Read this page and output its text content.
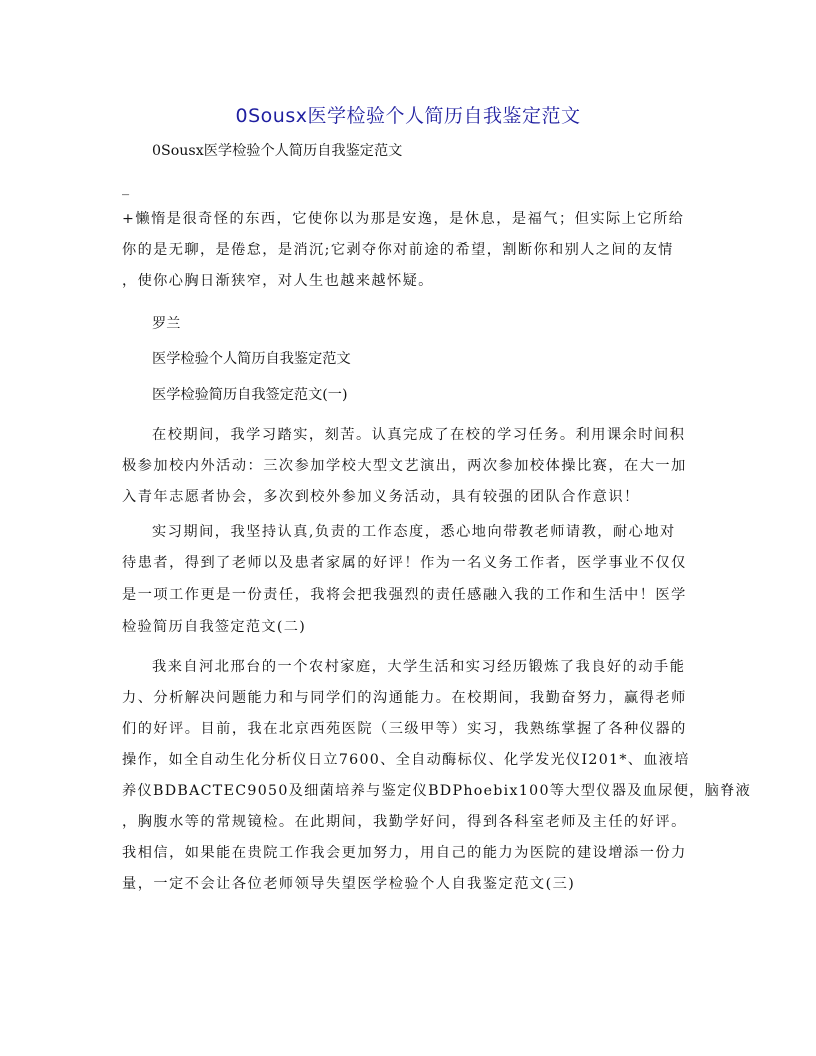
0Sousx医学检验个人简历自我鉴定范文
0Sousx医学检验个人简历自我鉴定范文
_
+懒惰是很奇怪的东西，它使你以为那是安逸，是休息，是福气；但实际上它所给
你的是无聊，是倦怠，是消沉;它剥夺你对前途的希望，割断你和别人之间的友情
，使你心胸日渐狭窄，对人生也越来越怀疑。
罗兰
医学检验个人简历自我鉴定范文
医学检验简历自我签定范文(一)
在校期间，我学习踏实，刻苦。认真完成了在校的学习任务。利用课余时间积
极参加校内外活动：三次参加学校大型文艺演出，两次参加校体操比赛，在大一加
入青年志愿者协会，多次到校外参加义务活动，具有较强的团队合作意识！
实习期间，我坚持认真,负责的工作态度，悉心地向带教老师请教，耐心地对
待患者，得到了老师以及患者家属的好评！作为一名义务工作者，医学事业不仅仅
是一项工作更是一份责任，我将会把我强烈的责任感融入我的工作和生活中！医学
检验简历自我签定范文(二)
我来自河北邢台的一个农村家庭，大学生活和实习经历锻炼了我良好的动手能
力、分析解决问题能力和与同学们的沟通能力。在校期间，我勤奋努力，赢得老师
们的好评。目前，我在北京西苑医院（三级甲等）实习，我熟练掌握了各种仪器的
操作，如全自动生化分析仪日立7600、全自动酶标仪、化学发光仪I201*、血液培
养仪BDBACTEC9050及细菌培养与鉴定仪BDPhoebix100等大型仪器及血尿便，脑脊液
，胸腹水等的常规镜检。在此期间，我勤学好问，得到各科室老师及主任的好评。
我相信，如果能在贵院工作我会更加努力，用自己的能力为医院的建设增添一份力
量，一定不会让各位老师领导失望医学检验个人自我鉴定范文(三)
